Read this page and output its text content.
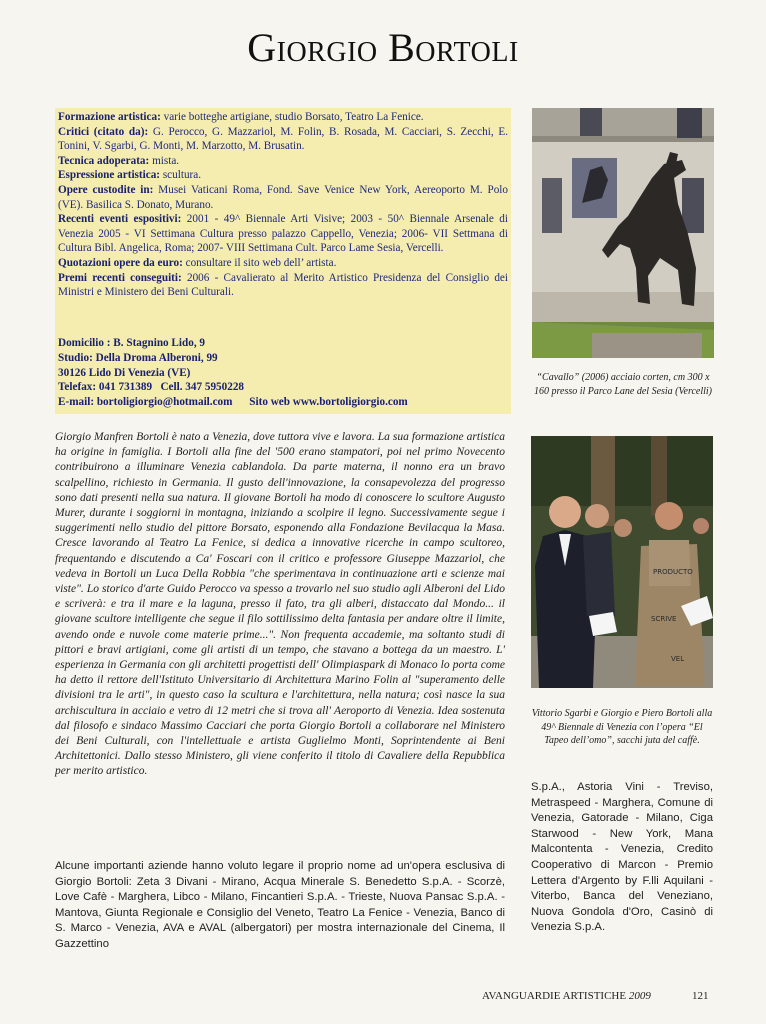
Giorgio Bortoli

Formazione artistica: varie botteghe artigiane, studio Borsato, Teatro La Fenice.

Critici (citato da): G. Perocco, G. Mazzariol, M. Folin, B. Rosada, M. Cacciari, S. Zecchi, E. Tonini, V. Sgarbi, G. Monti, M. Marzotto, M. Brusatin.

Tecnica adoperata: mista.

Espressione artistica: scultura.

Opere custodite in: Musei Vaticani Roma, Fond. Save Venice New York, Aereoporto M. Polo (VE). Basilica S. Donato, Murano.

Recenti eventi espositivi: 2001 - 49^ Biennale Arti Visive; 2003 - 50^ Biennale Arsenale di Venezia 2005 - VI Settimana Cultura presso palazzo Cappello, Venezia; 2006- VII Settmana di Cultura Bibl. Angelica, Roma; 2007- VIII Settimana Cult. Parco Lame Sesia, Vercelli.

Quotazioni opere da euro: consultare il sito web dell’ artista.

Premi recenti conseguiti: 2006 - Cavalierato al Merito Artistico Presidenza del Consiglio dei Ministri e Ministero dei Beni Culturali.

Domicilio : B. Stagnino Lido, 9
Studio: Della Droma Alberoni, 99
30126 Lido Di Venezia (VE)
Telefax: 041 731389   Cell. 347 5950228
E-mail: bortoligiorgio@hotmail.com Sito web www.bortoligiorgio.com
“Cavallo” (2006) acciaio corten, cm 300 x 160 presso il Parco Lane del Sesia (Vercelli)
PRODUCTO
SCRIVE
VEL
Vittorio Sgarbi e Giorgio e Piero Bortoli alla 49^ Biennale di Venezia con l’opera “El Tapeo dell’omo”, sacchi juta del caffè.

Giorgio Manfren Bortoli è nato a Venezia, dove tuttora vive e lavora. La sua formazione artistica ha origine in famiglia. I Bortoli alla fine del '500 erano stampatori, poi nel primo Novecento contribuirono a illuminare Venezia cablandola. Da parte materna, il nonno era un bravo scalpellino, richiesto in Germania. Il gusto dell'innovazione, la consapevolezza del progresso sono dati presenti nella sua natura. Il giovane Bortoli ha modo di conoscere lo scultore Augusto Murer, durante i soggiorni in montagna, iniziando a scolpire il legno. Successivamente segue i suggerimenti nello studio del pittore Borsato, esponendo alla Fondazione Bevilacqua la Masa. Cresce lavorando al Teatro La Fenice, si dedica a innovative ricerche in campo scultoreo, frequentando e discutendo a Ca' Foscari con il critico e professore Giuseppe Mazzariol, che vedeva in Bortoli un Luca Della Robbia "che sperimentava in continuazione arti e scienze mai viste". Lo storico d'arte Guido Perocco va spesso a trovarlo nel suo studio agli Alberoni del Lido e scriverà: e tra il mare e la laguna, presso il fato, tra gli alberi, distaccato dal Mondo... il giovane scultore intelligente che segue il filo sottilissimo delta fantasia per andare oltre il limite, avendo onde e nuvole come materie prime...". Non frequenta accademie, ma soltanto studi di pittori e bravi artigiani, come gli artisti di un tempo, che stavano a bottega da un maestro. L' esperienza in Germania con gli architetti progettisti dell' Olimpiaspark di Monaco lo porta come ha detto il rettore dell'Istituto Universitario di Architettura Marino Folin al "superamento delle divisioni tra le arti", in questo caso la scultura e l'architettura, nella natura; così nasce la sua archiscultura in acciaio e vetro di 12 metri che si trova all' Aeroporto di Venezia. Idea sostenuta dal filosofo e sindaco Massimo Cacciari che porta Giorgio Bortoli a collaborare nel Ministero dei Beni Culturali, con l'intellettuale e artista Guglielmo Monti, Soprintendente ai Beni Architettonici. Dallo stesso Ministero, gli viene conferito il titolo di Cavaliere della Repubblica per merito artistico.

Alcune importanti aziende hanno voluto legare il proprio nome ad un'opera esclusiva di Giorgio Bortoli: Zeta 3 Divani - Mirano, Acqua Minerale S. Benedetto S.p.A. - Scorzè, Love Cafè - Marghera, Libco - Milano, Fincantieri S.p.A. - Trieste, Nuova Pansac S.p.A. - Mantova, Giunta Regionale e Consiglio del Veneto, Teatro La Fenice - Venezia, Banco di S. Marco - Venezia, AVA e AVAL (albergatori) per mostra internazionale del Cinema, Il Gazzettino
S.p.A., Astoria Vini - Treviso, Metraspeed - Marghera, Comune di Venezia, Gatorade - Milano, Ciga Starwood - New York, Mana Malcontenta - Venezia, Credito Cooperativo di Marcon - Premio Lettera d'Argento by F.lli Aquilani - Viterbo, Banca del Veneziano, Nuova Gondola d'Oro, Casinò di Venezia S.p.A.
AVANGUARDIE ARTISTICHE 2009	121
